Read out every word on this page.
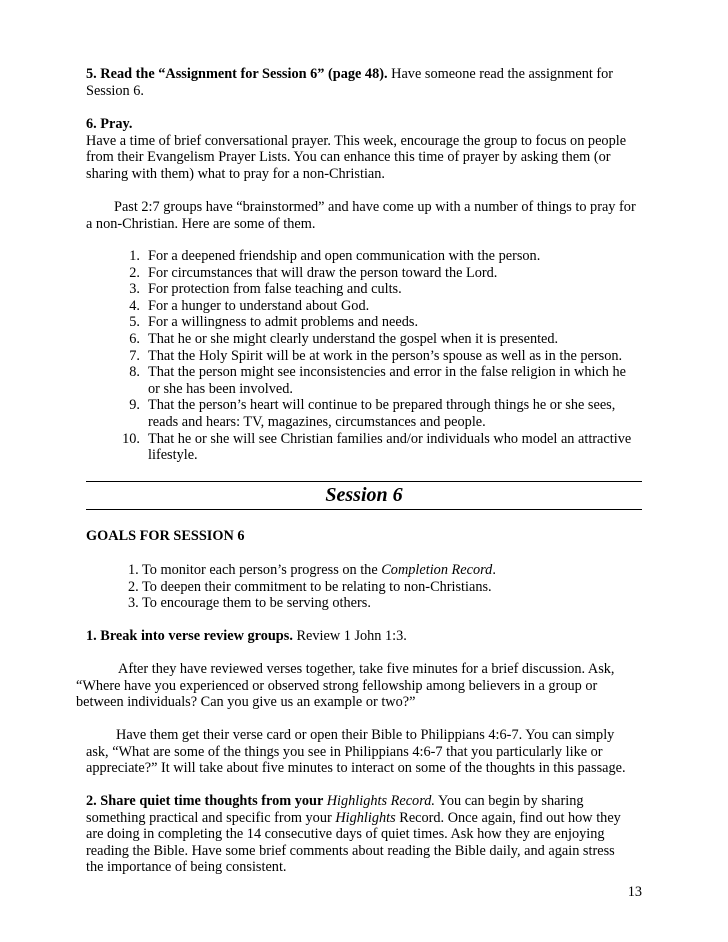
5. Read the “Assignment for Session 6” (page 48). Have someone read the assignment for

Session 6.

6. Pray.

Have a time of brief conversational prayer. This week, encourage the group to focus on people

from their Evangelism Prayer Lists. You can enhance this time of prayer by asking them (or

sharing with them) what to pray for a non-Christian.

Past 2:7 groups have “brainstormed” and have come up with a number of things to pray for

a non-Christian. Here are some of them.

1. For a deepened friendship and open communication with the person.
2. For circumstances that will draw the person toward the Lord.
3. For protection from false teaching and cults.
4. For a hunger to understand about God.
5. For a willingness to admit problems and needs.
6. That he or she might clearly understand the gospel when it is presented.
7. That the Holy Spirit will be at work in the person’s spouse as well as in the person.
8. That the person might see inconsistencies and error in the false religion in which he
or she has been involved.
9. That the person’s heart will continue to be prepared through things he or she sees,
reads and hears: TV, magazines, circumstances and people.
10. That he or she will see Christian families and/or individuals who model an attractive
lifestyle.
Session 6

GOALS FOR SESSION 6

1. To monitor each person’s progress on the Completion Record.
2. To deepen their commitment to be relating to non-Christians.
3. To encourage them to be serving others.

1. Break into verse review groups. Review 1 John 1:3.

After they have reviewed verses together, take five minutes for a brief discussion. Ask,

“Where have you experienced or observed strong fellowship among believers in a group or

between individuals? Can you give us an example or two?”

Have them get their verse card or open their Bible to Philippians 4:6-7. You can simply

ask, “What are some of the things you see in Philippians 4:6-7 that you particularly like or

appreciate?” It will take about five minutes to interact on some of the thoughts in this passage.

2. Share quiet time thoughts from your Highlights Record. You can begin by sharing

something practical and specific from your Highlights Record. Once again, find out how they

are doing in completing the 14 consecutive days of quiet times. Ask how they are enjoying

reading the Bible. Have some brief comments about reading the Bible daily, and again stress

the importance of being consistent.

13
